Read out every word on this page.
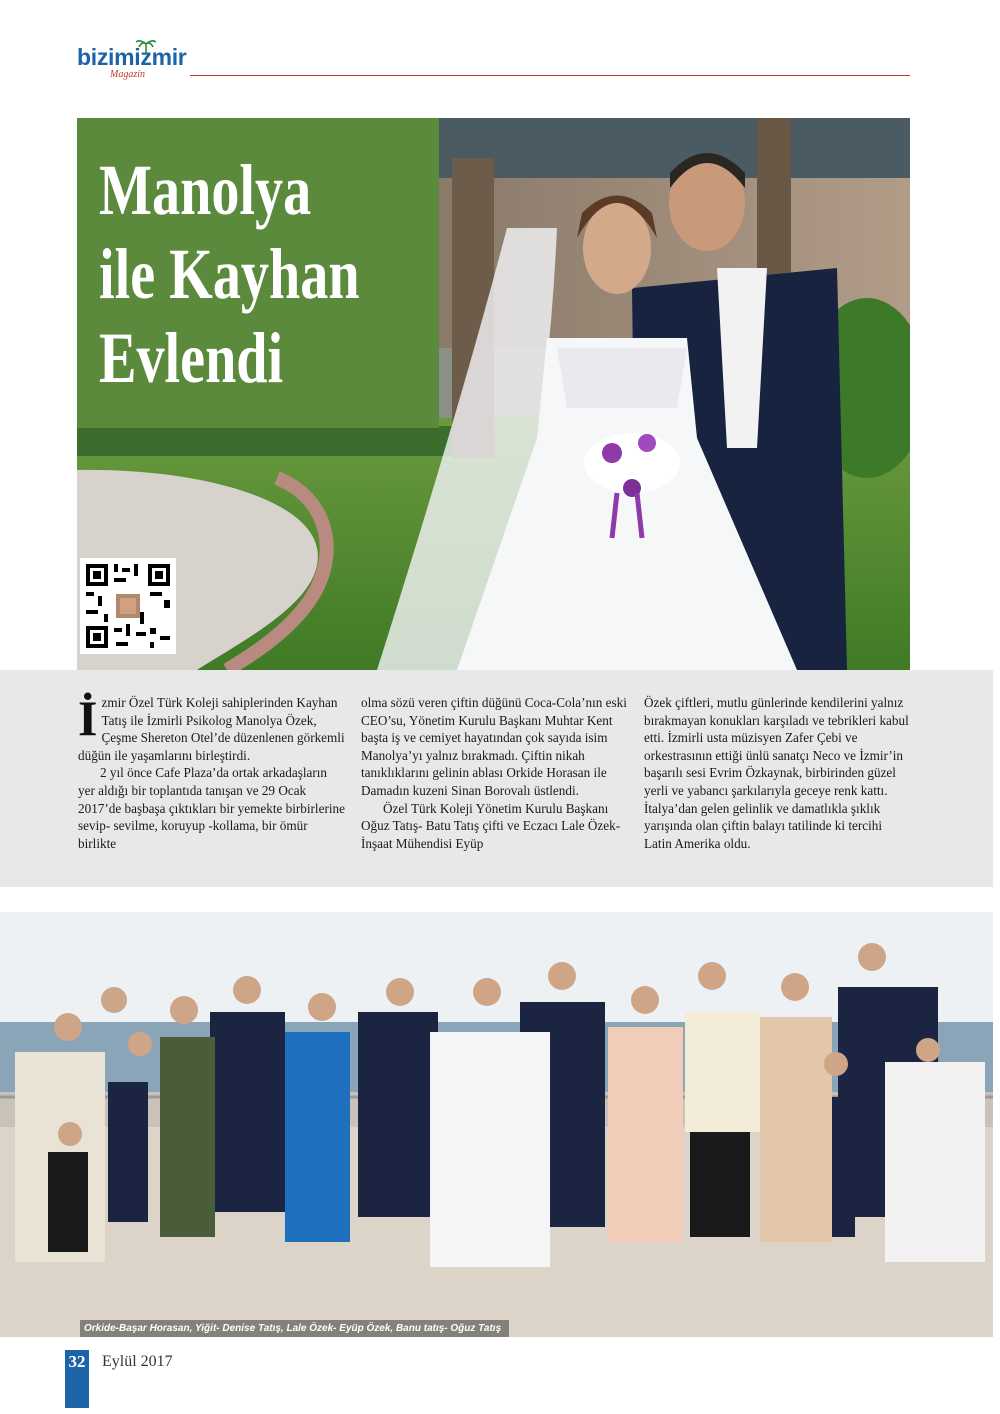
bizimizmir
Magazin
Manolya
ile Kayhan
Evlendi

İ zmir Özel Türk Koleji sahiplerinden Kayhan Tatış ile İzmirli Psikolog Manolya Özek, Çeşme Shereton Otel’de düzenlenen görkemli düğün ile yaşamlarını birleştirdi.

2 yıl önce Cafe Plaza’da ortak arkadaşların yer aldığı bir toplantıda tanışan ve 29 Ocak 2017’de başbaşa çıktıkları bir yemekte birbirlerine sevip- sevilme, koruyup -kollama, bir ömür birlikte

olma sözü veren çiftin düğünü Coca-Cola’nın eski CEO’su, Yönetim Kurulu Başkanı Muhtar Kent başta iş ve cemiyet hayatından çok sayıda isim Manolya’yı yalnız bırakmadı. Çiftin nikah tanıklıklarını gelinin ablası Orkide Horasan ile Damadın kuzeni Sinan Borovalı üstlendi.

Özel Türk Koleji Yönetim Kurulu Başkanı Oğuz Tatış- Batu Tatış çifti ve Eczacı Lale Özek- İnşaat Mühendisi Eyüp

Özek çiftleri, mutlu günlerinde kendilerini yalnız bırakmayan konukları karşıladı ve tebrikleri kabul etti. İzmirli usta müzisyen Zafer Çebi ve orkestrasının ettiği ünlü sanatçı Neco ve İzmir’in başarılı sesi Evrim Özkaynak, birbirinden güzel yerli ve yabancı şarkılarıyla geceye renk kattı. İtalya’dan gelen gelinlik ve damatlıkla şıklık yarışında olan çiftin balayı tatilinde ki tercihi Latin Amerika oldu.

Orkide-Başar Horasan, Yiğit- Denise Tatış, Lale Özek- Eyüp Özek, Banu tatış- Oğuz Tatış
32 Eylül 2017
